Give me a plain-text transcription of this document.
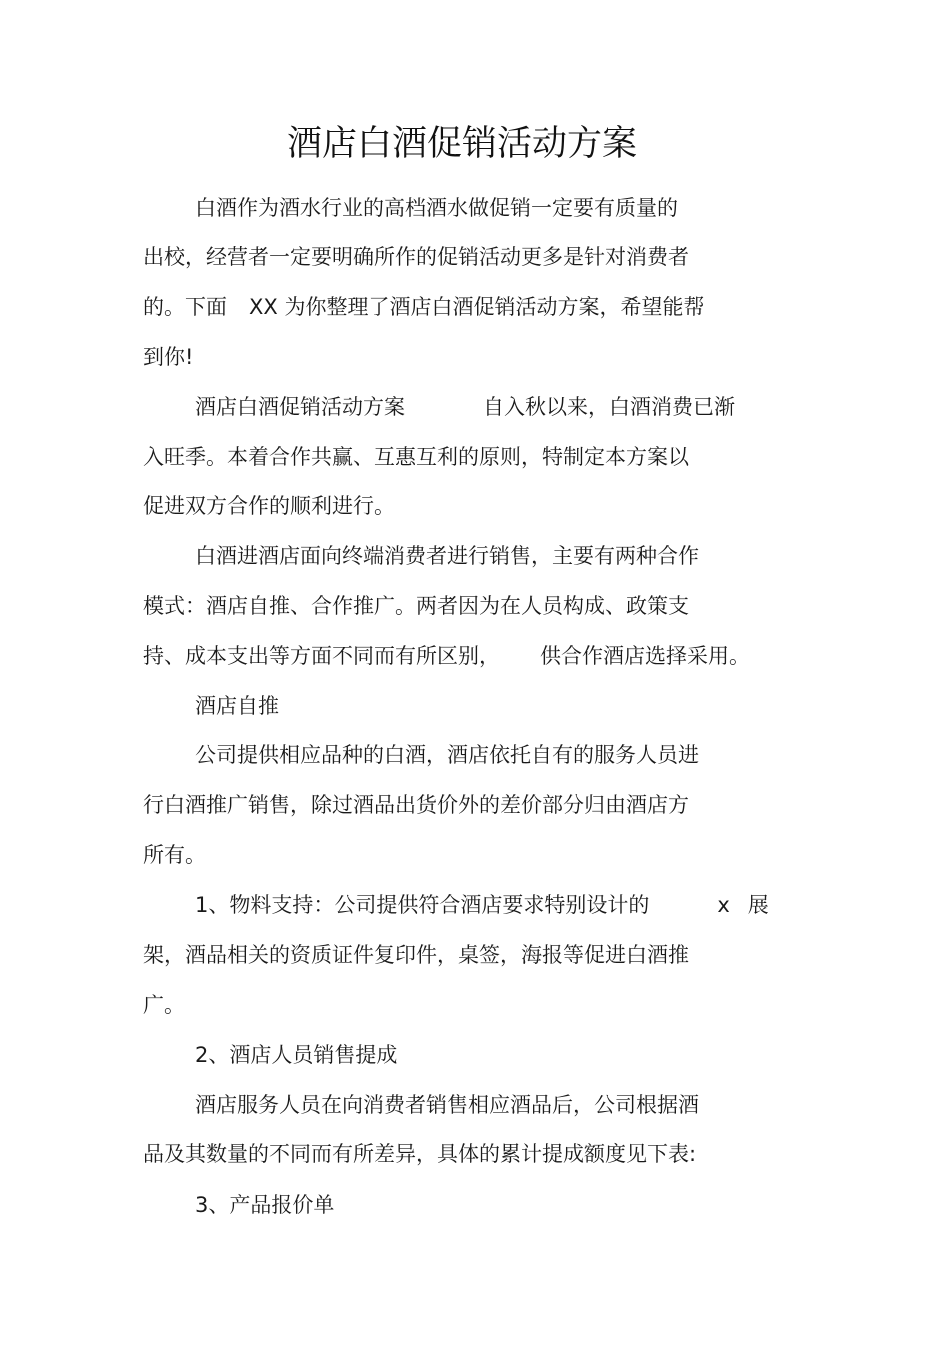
酒店白酒促销活动方案

白酒作为酒水行业的高档酒水做促销一定要有质量的

出校，经营者一定要明确所作的促销活动更多是针对消费者

的。下面 XX 为你整理了酒店白酒促销活动方案，希望能帮

到你!

酒店白酒促销活动方案	自入秋以来，白酒消费已渐

入旺季。本着合作共赢、互惠互利的原则，特制定本方案以

促进双方合作的顺利进行。

白酒进酒店面向终端消费者进行销售，主要有两种合作

模式：酒店自推、合作推广。两者因为在人员构成、政策支

持、成本支出等方面不同而有所区别， 供合作酒店选择采用。

酒店自推

公司提供相应品种的白酒，酒店依托自有的服务人员进

行白酒推广销售，除过酒品出货价外的差价部分归由酒店方

所有。

1、物料支持：公司提供符合酒店要求特别设计的	x 展

架，酒品相关的资质证件复印件，桌签，海报等促进白酒推

广。

2、酒店人员销售提成

酒店服务人员在向消费者销售相应酒品后，公司根据酒

品及其数量的不同而有所差异，具体的累计提成额度见下表:

3、产品报价单
